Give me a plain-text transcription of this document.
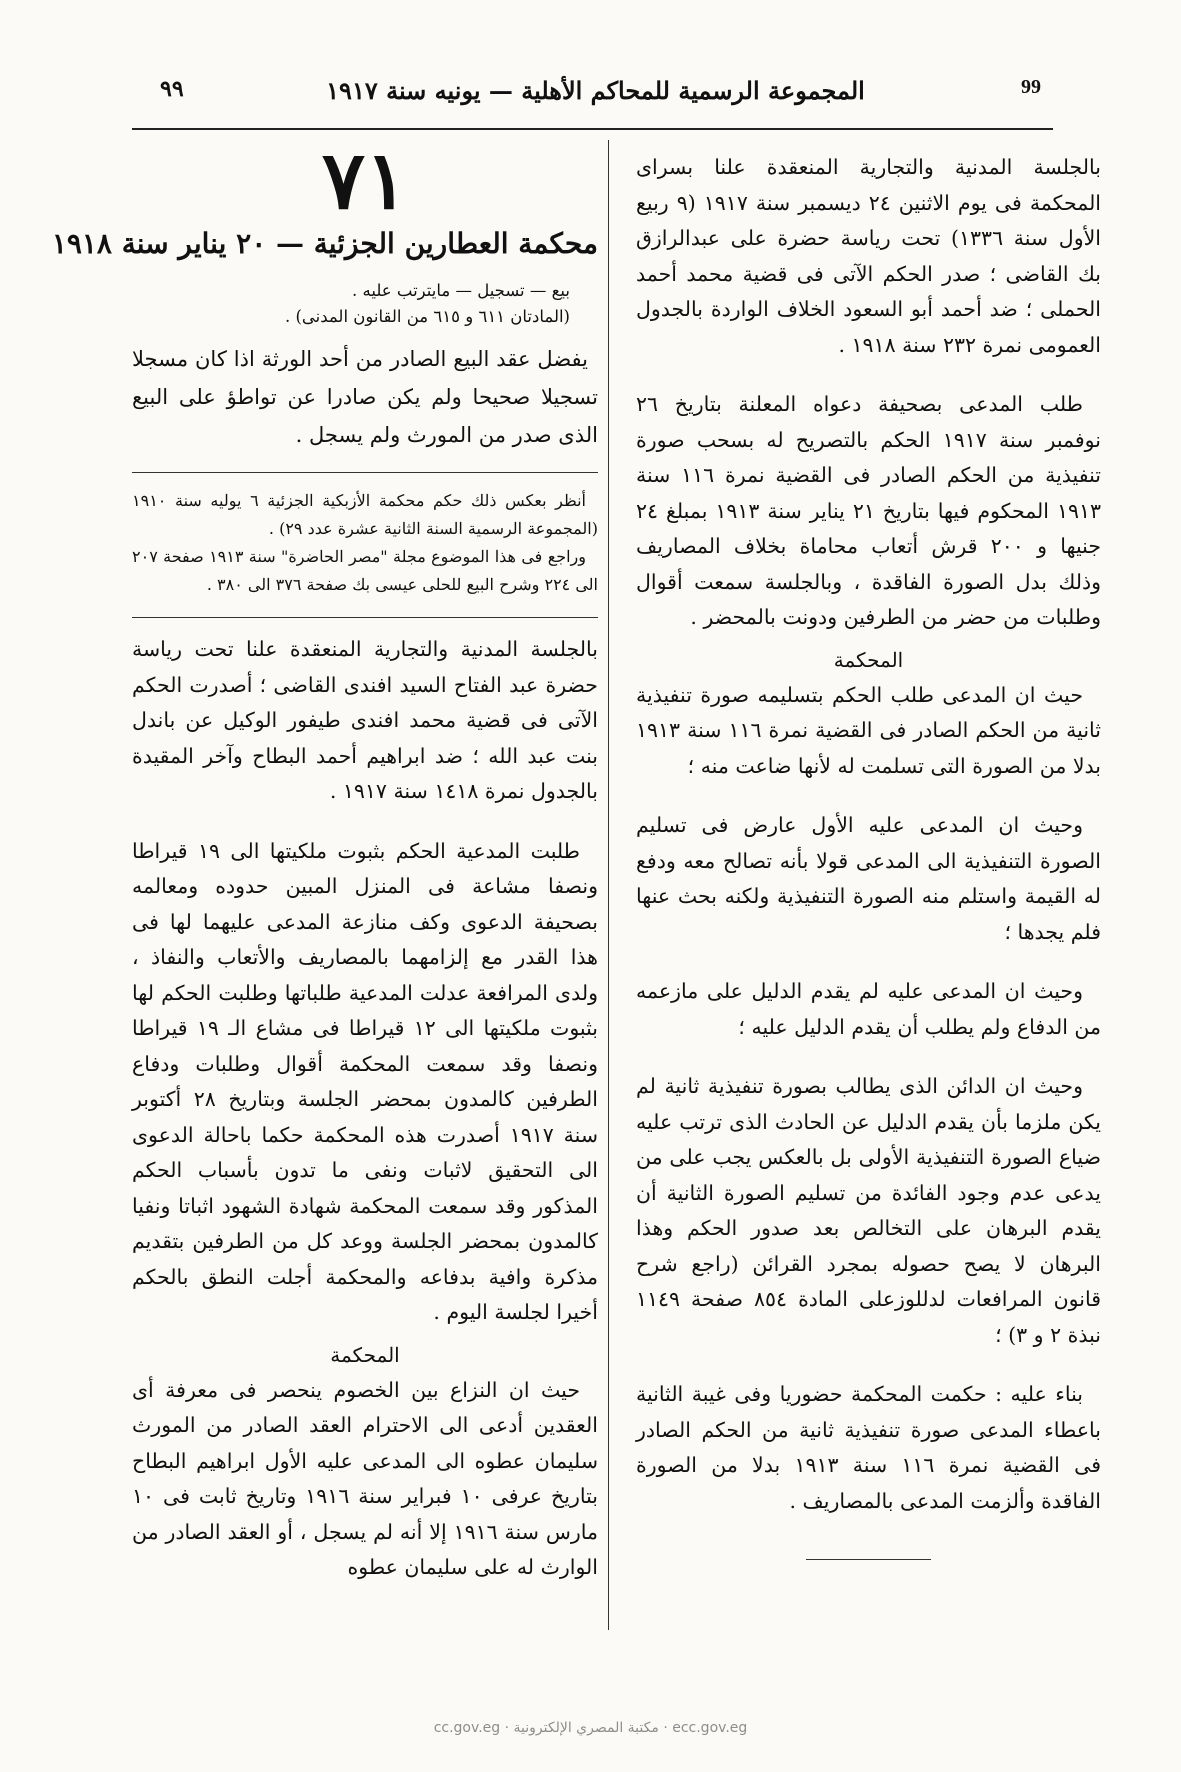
٩٩	المجموعة الرسمية للمحاكم الأهلية — يونيه سنة ١٩١٧	99

بالجلسة المدنية والتجارية المنعقدة علنا بسراى المحكمة فى يوم الاثنين ٢٤ ديسمبر سنة ١٩١٧ (٩ ربيع الأول سنة ١٣٣٦) تحت رياسة حضرة على عبدالرازق بك القاضى ؛ صدر الحكم الآتى فى قضية محمد أحمد الحملى ؛ ضد أحمد أبو السعود الخلاف الواردة بالجدول العمومى نمرة ٢٣٢ سنة ١٩١٨ .

طلب المدعى بصحيفة دعواه المعلنة بتاريخ ٢٦ نوفمبر سنة ١٩١٧ الحكم بالتصريح له بسحب صورة تنفيذية من الحكم الصادر فى القضية نمرة ١١٦ سنة ١٩١٣ المحكوم فيها بتاريخ ٢١ يناير سنة ١٩١٣ بمبلغ ٢٤ جنيها و ٢٠٠ قرش أتعاب محاماة بخلاف المصاريف وذلك بدل الصورة الفاقدة ، وبالجلسة سمعت أقوال وطلبات من حضر من الطرفين ودونت بالمحضر .

المحكمة

حيث ان المدعى طلب الحكم بتسليمه صورة تنفيذية ثانية من الحكم الصادر فى القضية نمرة ١١٦ سنة ١٩١٣ بدلا من الصورة التى تسلمت له لأنها ضاعت منه ؛

وحيث ان المدعى عليه الأول عارض فى تسليم الصورة التنفيذية الى المدعى قولا بأنه تصالح معه ودفع له القيمة واستلم منه الصورة التنفيذية ولكنه بحث عنها فلم يجدها ؛

وحيث ان المدعى عليه لم يقدم الدليل على مازعمه من الدفاع ولم يطلب أن يقدم الدليل عليه ؛

وحيث ان الدائن الذى يطالب بصورة تنفيذية ثانية لم يكن ملزما بأن يقدم الدليل عن الحادث الذى ترتب عليه ضياع الصورة التنفيذية الأولى بل بالعكس يجب على من يدعى عدم وجود الفائدة من تسليم الصورة الثانية أن يقدم البرهان على التخالص بعد صدور الحكم وهذا البرهان لا يصح حصوله بمجرد القرائن (راجع شرح قانون المرافعات لدللوزعلى المادة ٨٥٤ صفحة ١١٤٩ نبذة ٢ و ٣) ؛

بناء عليه : حكمت المحكمة حضوريا وفى غيبة الثانية باعطاء المدعى صورة تنفيذية ثانية من الحكم الصادر فى القضية نمرة ١١٦ سنة ١٩١٣ بدلا من الصورة الفاقدة وألزمت المدعى بالمصاريف .

٧١
محكمة العطارين الجزئية — ٢٠ يناير سنة ١٩١٨

بيع — تسجيل — مايترتب عليه .

(المادتان ٦١١ و ٦١٥ من القانون المدنى) .

يفضل عقد البيع الصادر من أحد الورثة اذا كان مسجلا تسجيلا صحيحا ولم يكن صادرا عن تواطؤ على البيع الذى صدر من المورث ولم يسجل .

أنظر بعكس ذلك حكم محكمة الأزبكية الجزئية ٦ يوليه سنة ١٩١٠ (المجموعة الرسمية السنة الثانية عشرة عدد ٢٩) .

وراجع فى هذا الموضوع مجلة "مصر الحاضرة" سنة ١٩١٣ صفحة ٢٠٧ الى ٢٢٤ وشرح البيع للحلى عيسى بك صفحة ٣٧٦ الى ٣٨٠ .

بالجلسة المدنية والتجارية المنعقدة علنا تحت رياسة حضرة عبد الفتاح السيد افندى القاضى ؛ أصدرت الحكم الآتى فى قضية محمد افندى طيفور الوكيل عن باندل بنت عبد الله ؛ ضد ابراهيم أحمد البطاح وآخر المقيدة بالجدول نمرة ١٤١٨ سنة ١٩١٧ .

طلبت المدعية الحكم بثبوت ملكيتها الى ١٩ قيراطا ونصفا مشاعة فى المنزل المبين حدوده ومعالمه بصحيفة الدعوى وكف منازعة المدعى عليهما لها فى هذا القدر مع إلزامهما بالمصاريف والأتعاب والنفاذ ، ولدى المرافعة عدلت المدعية طلباتها وطلبت الحكم لها بثبوت ملكيتها الى ١٢ قيراطا فى مشاع الـ ١٩ قيراطا ونصفا وقد سمعت المحكمة أقوال وطلبات ودفاع الطرفين كالمدون بمحضر الجلسة وبتاريخ ٢٨ أكتوبر سنة ١٩١٧ أصدرت هذه المحكمة حكما باحالة الدعوى الى التحقيق لاثبات ونفى ما تدون بأسباب الحكم المذكور وقد سمعت المحكمة شهادة الشهود اثباتا ونفيا كالمدون بمحضر الجلسة ووعد كل من الطرفين بتقديم مذكرة وافية بدفاعه والمحكمة أجلت النطق بالحكم أخيرا لجلسة اليوم .

المحكمة

حيث ان النزاع بين الخصوم ينحصر فى معرفة أى العقدين أدعى الى الاحترام العقد الصادر من المورث سليمان عطوه الى المدعى عليه الأول ابراهيم البطاح بتاريخ عرفى ١٠ فبراير سنة ١٩١٦ وتاريخ ثابت فى ١٠ مارس سنة ١٩١٦ إلا أنه لم يسجل ، أو العقد الصادر من الوارث له على سليمان عطوه

cc.gov.eg · مكتبة المصري الإلكترونية · ecc.gov.eg
